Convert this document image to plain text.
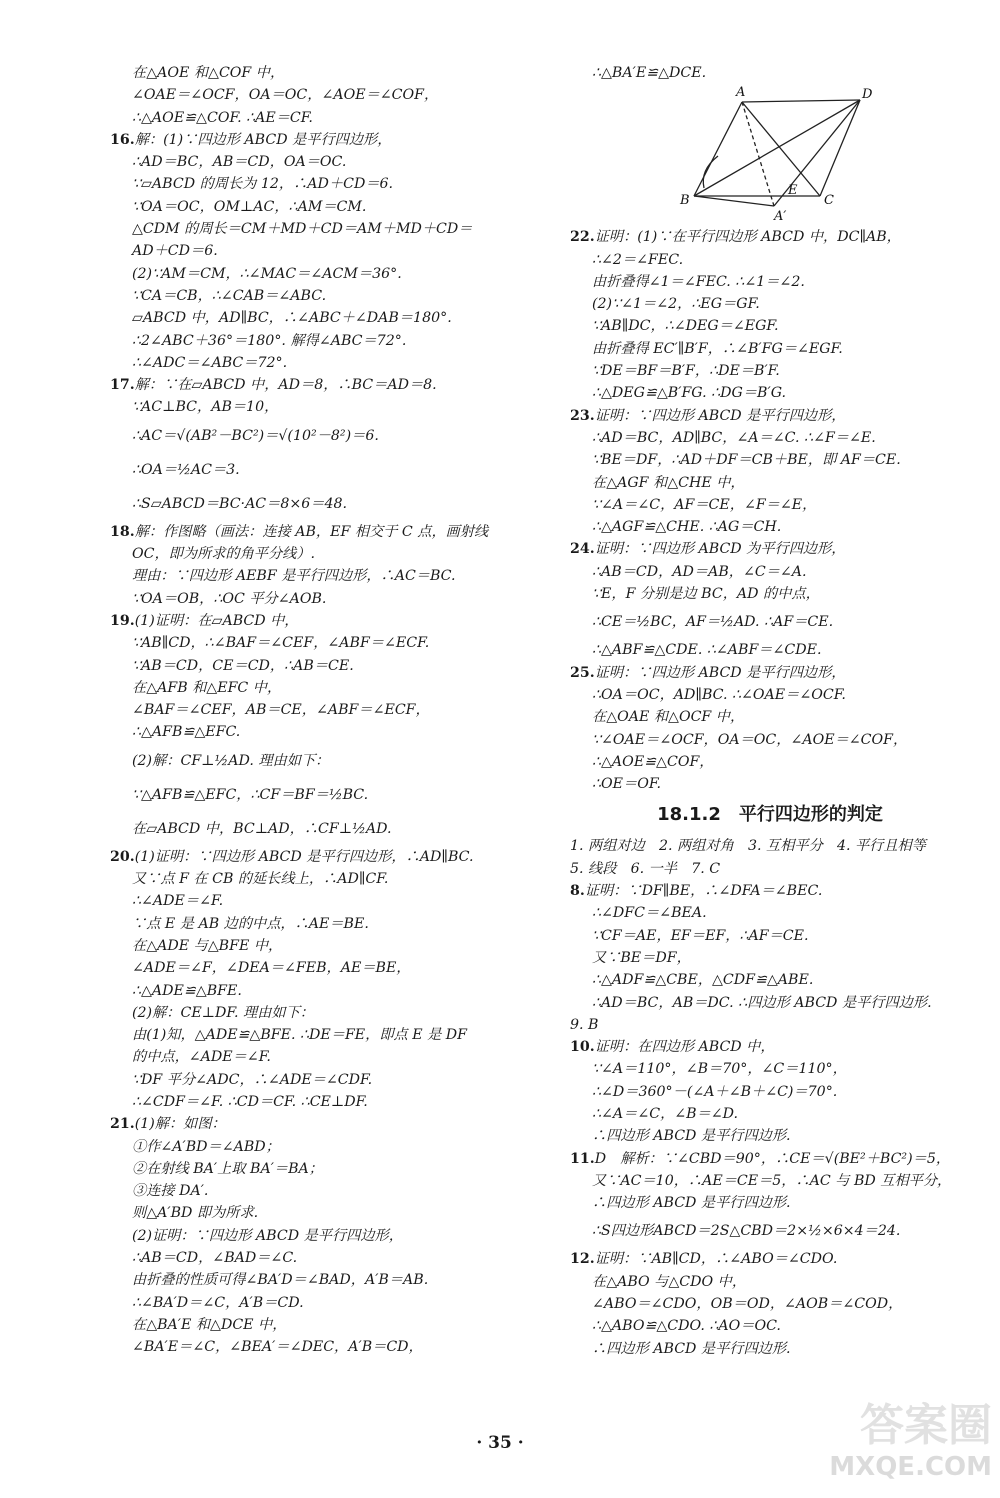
在△AOE 和△COF 中，
∠OAE＝∠OCF，OA＝OC，∠AOE＝∠COF，
∴△AOE≌△COF. ∴AE＝CF.
16.解：(1)∵四边形 ABCD 是平行四边形，
∴AD＝BC，AB＝CD，OA＝OC.
∵▱ABCD 的周长为 12，∴AD＋CD＝6.
∵OA＝OC，OM⊥AC，∴AM＝CM.
△CDM 的周长＝CM＋MD＋CD＝AM＋MD＋CD＝
AD＋CD＝6.
(2)∵AM＝CM，∴∠MAC＝∠ACM＝36°.
∵CA＝CB，∴∠CAB＝∠ABC.
▱ABCD 中，AD∥BC，∴∠ABC＋∠DAB＝180°.
∴2∠ABC＋36°＝180°. 解得∠ABC＝72°.
∴∠ADC＝∠ABC＝72°.
17.解：∵在▱ABCD 中，AD＝8，∴BC＝AD＝8.
∵AC⊥BC，AB＝10，
∴AC＝√(AB²－BC²)＝√(10²－8²)＝6.
∴OA＝½AC＝3.
∴S▱ABCD＝BC·AC＝8×6＝48.
18.解：作图略（画法：连接 AB，EF 相交于 C 点，画射线
OC，即为所求的角平分线）.
理由：∵四边形 AEBF 是平行四边形，∴AC＝BC.
∵OA＝OB，∴OC 平分∠AOB.
19.(1)证明：在▱ABCD 中，
∵AB∥CD，∴∠BAF＝∠CEF，∠ABF＝∠ECF.
∵AB＝CD，CE＝CD，∴AB＝CE.
在△AFB 和△EFC 中，
∠BAF＝∠CEF，AB＝CE，∠ABF＝∠ECF，
∴△AFB≌△EFC.
(2)解：CF⊥½AD. 理由如下：
∵△AFB≌△EFC，∴CF＝BF＝½BC.
在▱ABCD 中，BC⊥AD，∴CF⊥½AD.
20.(1)证明：∵四边形 ABCD 是平行四边形，∴AD∥BC.
又∵点 F 在 CB 的延长线上，∴AD∥CF.
∴∠ADE＝∠F.
∵点 E 是 AB 边的中点，∴AE＝BE.
在△ADE 与△BFE 中，
∠ADE＝∠F，∠DEA＝∠FEB，AE＝BE，
∴△ADE≌△BFE.
(2)解：CE⊥DF. 理由如下：
由(1)知，△ADE≌△BFE. ∴DE＝FE，即点 E 是 DF
的中点，∠ADE＝∠F.
∵DF 平分∠ADC，∴∠ADE＝∠CDF.
∴∠CDF＝∠F. ∴CD＝CF. ∴CE⊥DF.
21.(1)解：如图：
①作∠A′BD＝∠ABD；
②在射线 BA′上取 BA′＝BA；
③连接 DA′.
则△A′BD 即为所求.
(2)证明：∵四边形 ABCD 是平行四边形，
∴AB＝CD，∠BAD＝∠C.
由折叠的性质可得∠BA′D＝∠BAD，A′B＝AB.
∴∠BA′D＝∠C，A′B＝CD.
在△BA′E 和△DCE 中，
∠BA′E＝∠C，∠BEA′＝∠DEC，A′B＝CD，
∴△BA′E≌△DCE.
A	D
B
E
C
A′
22.证明：(1)∵在平行四边形 ABCD 中，DC∥AB，
∴∠2＝∠FEC.
由折叠得∠1＝∠FEC. ∴∠1＝∠2.
(2)∵∠1＝∠2，∴EG＝GF.
∵AB∥DC，∴∠DEG＝∠EGF.
由折叠得 EC′∥B′F，∴∠B′FG＝∠EGF.
∵DE＝BF＝B′F，∴DE＝B′F.
∴△DEG≌△B′FG. ∴DG＝B′G.
23.证明：∵四边形 ABCD 是平行四边形，
∴AD＝BC，AD∥BC，∠A＝∠C. ∴∠F＝∠E.
∵BE＝DF，∴AD＋DF＝CB＋BE，即 AF＝CE.
在△AGF 和△CHE 中，
∵∠A＝∠C，AF＝CE，∠F＝∠E，
∴△AGF≌△CHE. ∴AG＝CH.
24.证明：∵四边形 ABCD 为平行四边形，
∴AB＝CD，AD＝AB，∠C＝∠A.
∵E，F 分别是边 BC，AD 的中点，
∴CE＝½BC，AF＝½AD. ∴AF＝CE.
∴△ABF≌△CDE. ∴∠ABF＝∠CDE.
25.证明：∵四边形 ABCD 是平行四边形，
∴OA＝OC，AD∥BC. ∴∠OAE＝∠OCF.
在△OAE 和△OCF 中，
∵∠OAE＝∠OCF，OA＝OC，∠AOE＝∠COF，
∴△AOE≌△COF，
∴OE＝OF.
18.1.2　平行四边形的判定
1. 两组对边　2. 两组对角　3. 互相平分　4. 平行且相等
5. 线段　6. 一半　7. C
8.证明：∵DF∥BE，∴∠DFA＝∠BEC.
∴∠DFC＝∠BEA.
∵CF＝AE，EF＝EF，∴AF＝CE.
又∵BE＝DF，
∴△ADF≌△CBE，△CDF≌△ABE.
∴AD＝BC，AB＝DC. ∴四边形 ABCD 是平行四边形.
9. B
10.证明：在四边形 ABCD 中，
∵∠A＝110°，∠B＝70°，∠C＝110°，
∴∠D＝360°－(∠A＋∠B＋∠C)＝70°.
∴∠A＝∠C，∠B＝∠D.
∴四边形 ABCD 是平行四边形.
11.D　解析：∵∠CBD＝90°，∴CE＝√(BE²＋BC²)＝5，
又∵AC＝10，∴AE＝CE＝5，∴AC 与 BD 互相平分，
∴四边形 ABCD 是平行四边形.
∴S四边形ABCD＝2S△CBD＝2×½×6×4＝24.
12.证明：∵AB∥CD，∴∠ABO＝∠CDO.
在△ABO 与△CDO 中，
∠ABO＝∠CDO，OB＝OD，∠AOB＝∠COD，
∴△ABO≌△CDO. ∴AO＝OC.
∴四边形 ABCD 是平行四边形.
· 35 ·	答案圈
MXQE.COM
